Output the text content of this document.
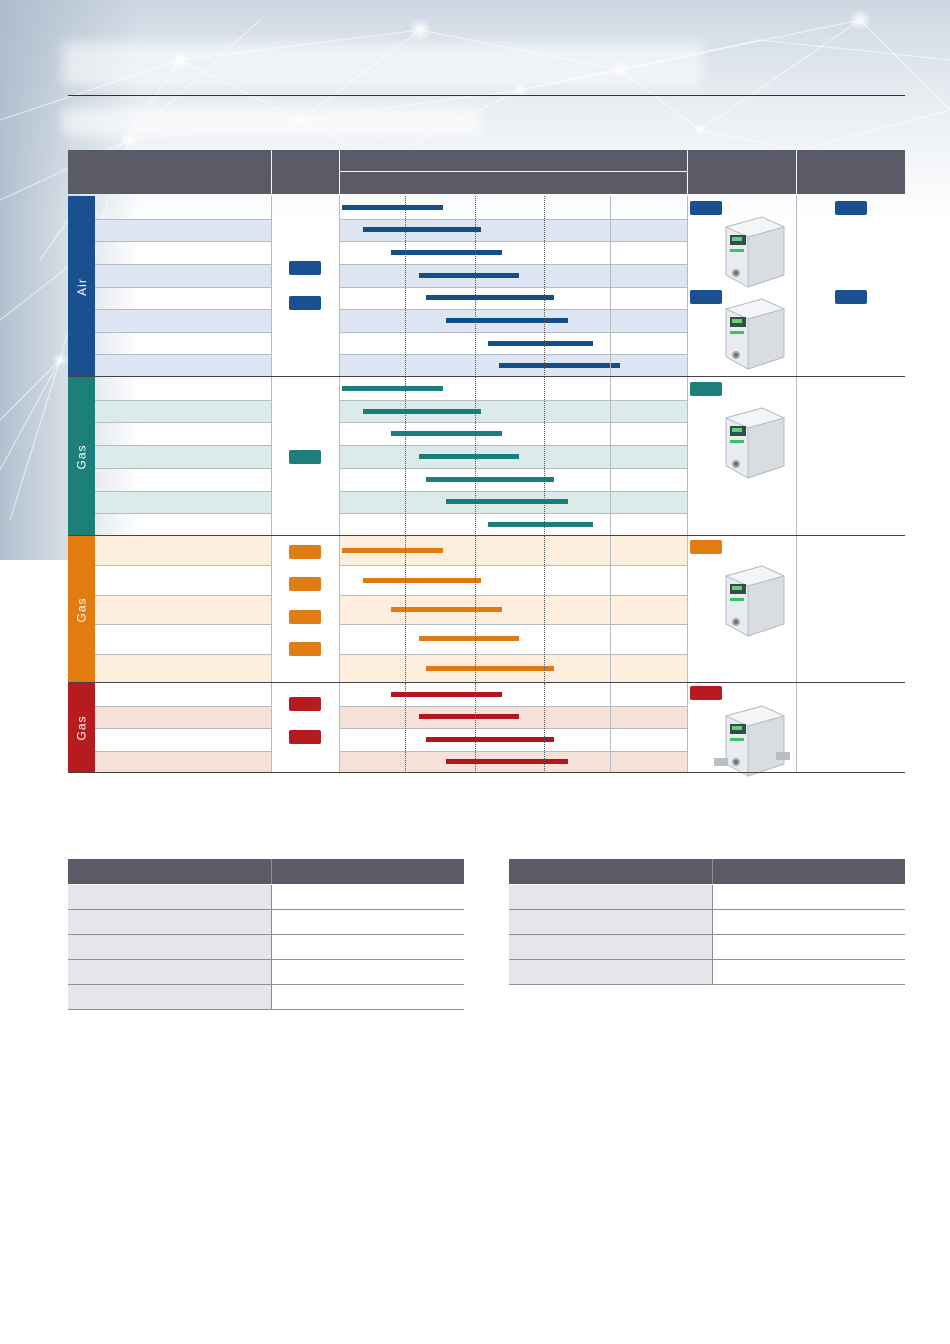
Air
Gas
Gas
Gas
